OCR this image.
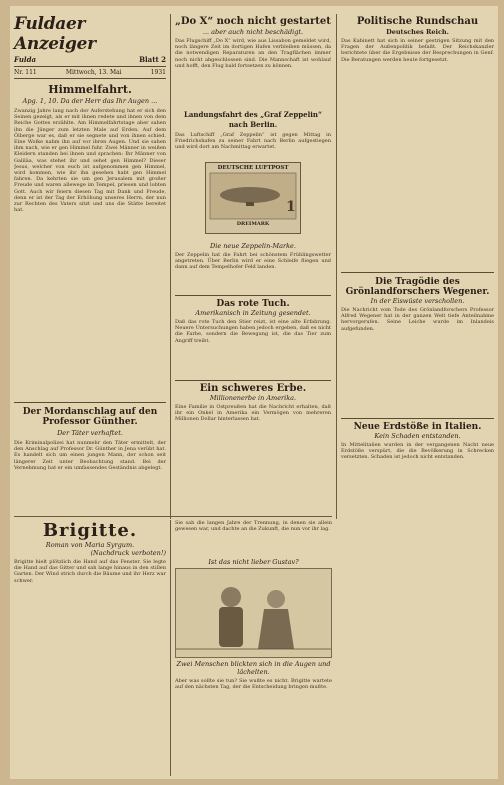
Fuldaer Anzeiger
Fulda	Blatt 2
Nr. 111	Mittwoch, 13. Mai	1931
Himmelfahrt.
Apg. 1, 10. Da der Herr das Ihr Augen ...
Zwanzig Jahre lang nach der Auferstehung hat er sich den Seinen gezeigt, als er mit ihnen redete und ihnen von dem Reiche Gottes erzählte. Am Himmelfahrtstage aber sahen ihn die Jünger zum letzten Male auf Erden. Auf dem Ölberge war es, daß er sie segnete und von ihnen schied. Eine Wolke nahm ihn auf vor ihren Augen. Und sie sahen ihm nach, wie er gen Himmel fuhr. Zwei Männer in weißen Kleidern standen bei ihnen und sprachen: Ihr Männer von Galiläa, was stehet ihr und sehet gen Himmel? Dieser Jesus, welcher von euch ist aufgenommen gen Himmel, wird kommen, wie ihr ihn gesehen habt gen Himmel fahren. Da kehrten sie um gen Jerusalem mit großer Freude und waren allewege im Tempel, priesen und lobten Gott. Auch wir feiern diesen Tag mit Dank und Freude, denn er ist der Tag der Erhöhung unseres Herrn, der nun zur Rechten des Vaters sitzt und uns die Stätte bereitet hat.
Der Mordanschlag auf den Professor Günther.
Der Täter verhaftet.
Die Kriminalpolizei hat nunmehr den Täter ermittelt, der den Anschlag auf Professor Dr. Günther in Jena verübt hat. Es handelt sich um einen jungen Mann, der schon seit längerer Zeit unter Beobachtung stand. Bei der Vernehmung hat er ein umfassendes Geständnis abgelegt.
„Do X“ noch nicht gestartet
... aber auch nicht beschädigt.
Das Flugschiff „Do X“ wird, wie aus Lissabon gemeldet wird, noch längere Zeit im dortigen Hafen verbleiben müssen, da die notwendigen Reparaturen an den Tragflächen immer noch nicht abgeschlossen sind. Die Mannschaft ist wohlauf und hofft, den Flug bald fortsetzen zu können.
Landungsfahrt des „Graf Zeppelin“ nach Berlin.
Das Luftschiff „Graf Zeppelin“ ist gegen Mittag in Friedrichshafen zu seiner Fahrt nach Berlin aufgestiegen und wird dort am Nachmittag erwartet.
DEUTSCHE LUFTPOST
1
DREIMARK
Die neue Zeppelin-Marke.
Der Zeppelin hat die Fahrt bei schönstem Frühlingswetter angetreten. Über Berlin wird er eine Schleife fliegen und dann auf dem Tempelhofer Feld landen.
Das rote Tuch.
Amerikanisch in Zeitung gesendet.
Daß das rote Tuch den Stier reizt, ist eine alte Erfahrung. Neuere Untersuchungen haben jedoch ergeben, daß es nicht die Farbe, sondern die Bewegung ist, die das Tier zum Angriff treibt.
Ein schweres Erbe.
Millionenerbe in Amerika.
Eine Familie in Ostpreußen hat die Nachricht erhalten, daß ihr ein Onkel in Amerika ein Vermögen von mehreren Millionen Dollar hinterlassen hat.
Politische Rundschau
Deutsches Reich.
Das Kabinett hat sich in seiner gestrigen Sitzung mit den Fragen der Außenpolitik befaßt. Der Reichskanzler berichtete über die Ergebnisse der Besprechungen in Genf. Die Beratungen werden heute fortgesetzt.
Die Tragödie des Grönlandforschers Wegener.
In der Eiswüste verschollen.
Die Nachricht vom Tode des Grönlandforschers Professor Alfred Wegener hat in der ganzen Welt tiefe Anteilnahme hervorgerufen. Seine Leiche wurde im Inlandeis aufgefunden.
Neue Erdstöße in Italien.
Kein Schaden entstanden.
In Mittelitalien wurden in der vergangenen Nacht neue Erdstöße verspürt, die die Bevölkerung in Schrecken versetzten. Schaden ist jedoch nicht entstanden.
Brigitte.
Roman von Maria Syrgum.
(Nachdruck verboten!)
Brigitte hielt plötzlich die Hand auf das Fenster. Sie legte die Hand auf das Gitter und sah lange hinaus in den stillen Garten. Der Wind strich durch die Bäume und ihr Herz war schwer.
Sie sah die langen Jahre der Trennung, in denen sie allein gewesen war, und dachte an die Zukunft, die nun vor ihr lag.
Ist das nicht lieber Gustav?
Zwei Menschen blickten sich in die Augen und lächelten.
Aber was sollte sie tun? Sie wußte es nicht. Brigitte wartete auf den nächsten Tag, der die Entscheidung bringen mußte.
